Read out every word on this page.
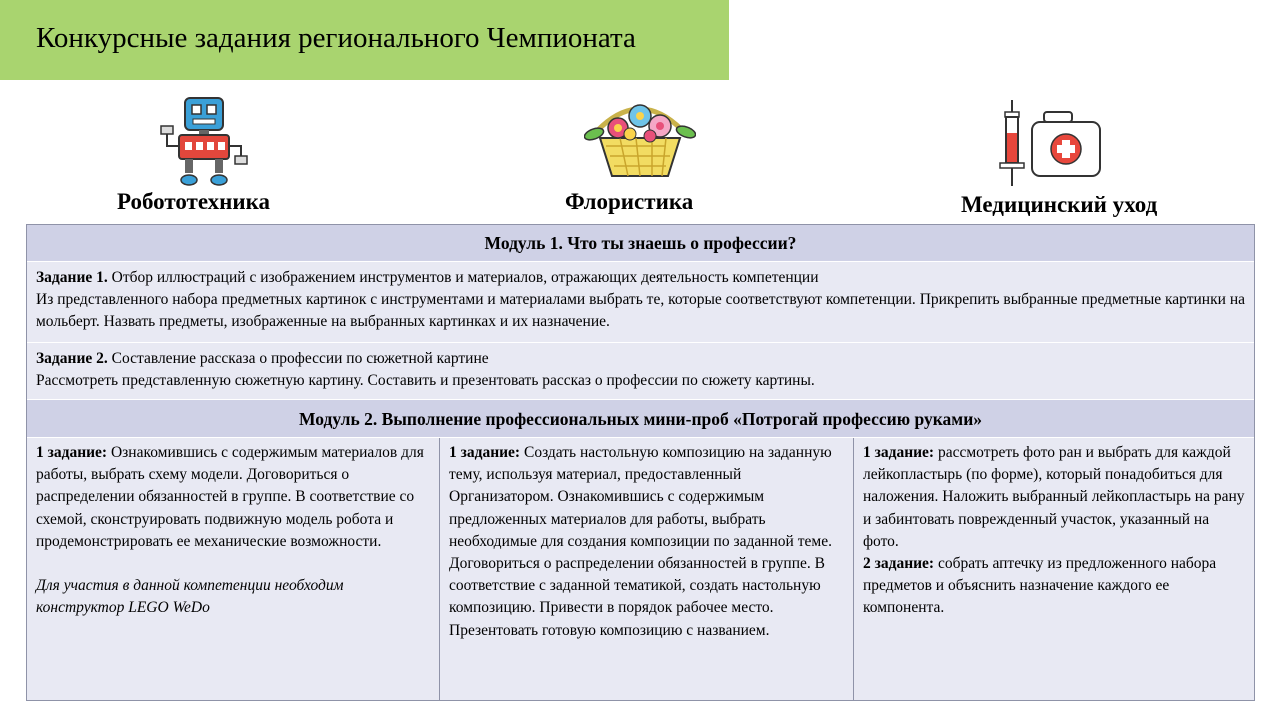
Конкурсные задания регионального Чемпионата
Робототехника	Флористика	Медицинский уход
Модуль 1. Что ты знаешь о профессии?
Задание 1. Отбор иллюстраций с изображением инструментов и материалов, отражающих деятельность компетенции
Из представленного набора предметных картинок с инструментами и материалами выбрать те, которые соответствуют компетенции. Прикрепить выбранные предметные картинки на мольберт. Назвать предметы, изображенные на выбранных картинках и их назначение.
Задание 2. Составление рассказа о профессии по сюжетной картине
Рассмотреть представленную сюжетную картину. Составить и презентовать рассказ о профессии по сюжету картины.
Модуль 2. Выполнение профессиональных мини-проб «Потрогай профессию руками»
1 задание: Ознакомившись с содержимым материалов для работы, выбрать схему модели. Договориться о распределении обязанностей в группе. В соответствие со схемой, сконструировать подвижную модель робота и продемонстрировать ее механические возможности.
Для участия в данной компетенции необходим конструктор LEGO WeDo
1 задание: Создать настольную композицию на заданную тему, используя материал, предоставленный Организатором. Ознакомившись с содержимым предложенных материалов для работы, выбрать необходимые для создания композиции по заданной теме. Договориться о распределении обязанностей в группе. В соответствие с заданной тематикой, создать настольную композицию. Привести в порядок рабочее место. Презентовать готовую композицию с названием.
1 задание: рассмотреть фото ран и выбрать для каждой лейкопластырь (по форме), который понадобиться для наложения. Наложить выбранный лейкопластырь на рану и забинтовать поврежденный участок, указанный на фото.
2 задание: собрать аптечку из предложенного набора предметов и объяснить назначение каждого ее компонента.
